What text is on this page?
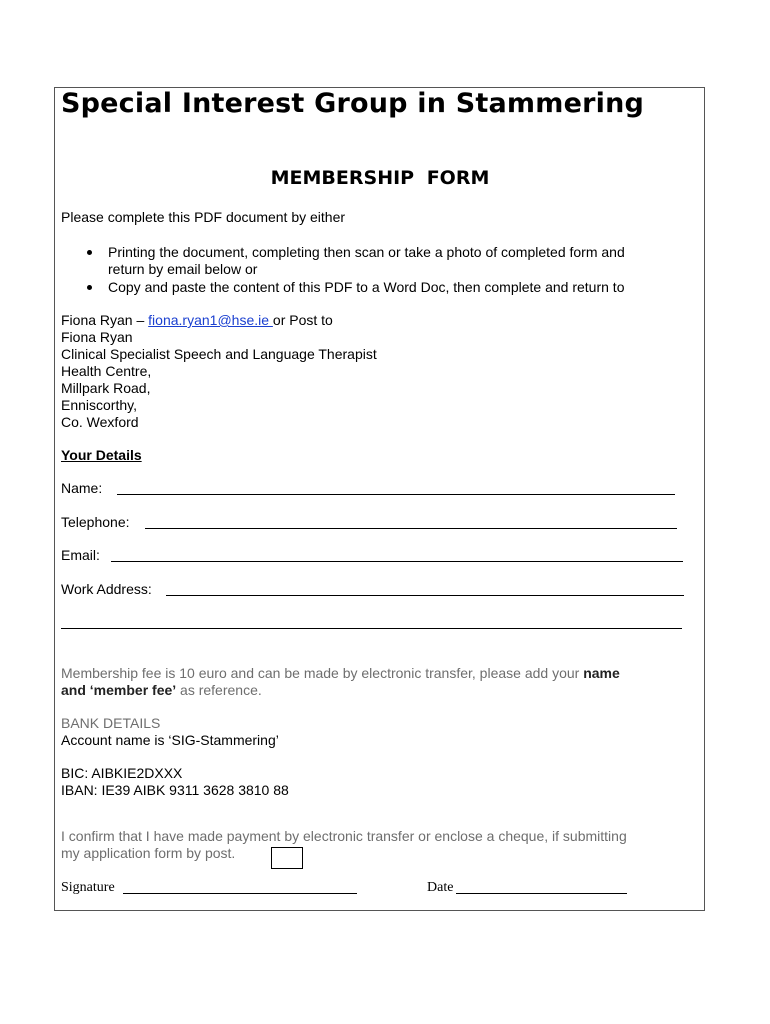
Special Interest Group in Stammering
MEMBERSHIP FORM
Please complete this PDF document by either
Printing the document, completing then scan or take a photo of completed form and
return by email below or
Copy and paste the content of this PDF to a Word Doc, then complete and return to
Fiona Ryan – fiona.ryan1@hse.ie or Post to
Fiona Ryan
Clinical Specialist Speech and Language Therapist
Health Centre,
Millpark Road,
Enniscorthy,
Co. Wexford
Your Details
Name:
Telephone:
Email:
Work Address:
Membership fee is 10 euro and can be made by electronic transfer, please add your name
and ‘member fee’ as reference.
BANK DETAILS
Account name is ‘SIG-Stammering’
BIC: AIBKIE2DXXX
IBAN: IE39 AIBK 9311 3628 3810 88
I confirm that I have made payment by electronic transfer or enclose a cheque, if submitting
my application form by post.
Signature	Date
